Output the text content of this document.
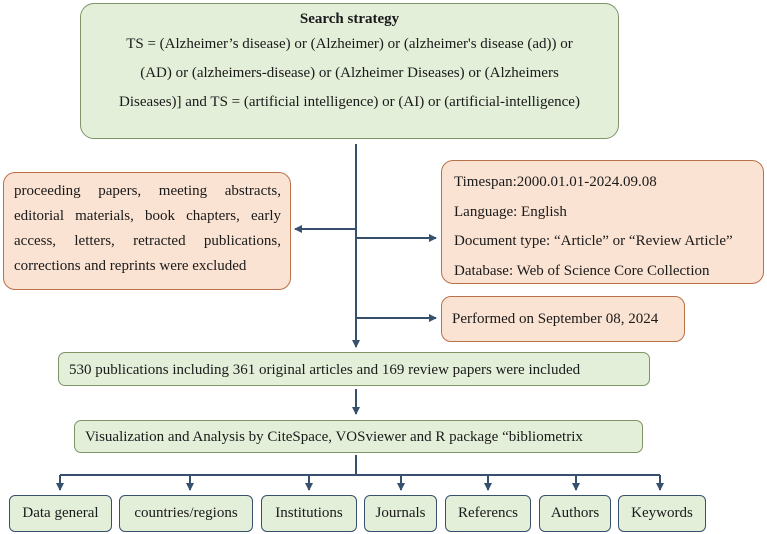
Search strategy
TS = (Alzheimer’s disease) or (Alzheimer) or (alzheimer's disease (ad)) or
(AD) or (alzheimers-disease) or (Alzheimer Diseases) or (Alzheimers
Diseases)] and TS = (artificial intelligence) or (AI) or (artificial-intelligence)
proceeding papers, meeting abstracts, editorial materials, book chapters, early access, letters, retracted publications, corrections and reprints were excluded
Timespan:2000.01.01-2024.09.08
Language: English
Document type: “Article” or “Review Article”
Database: Web of Science Core Collection
Performed on September 08, 2024
530 publications including 361 original articles and 169 review papers were included
Visualization and Analysis by CiteSpace, VOSviewer and R package “bibliometrix
Data general	countries/regions	Institutions	Journals	Referencs	Authors	Keywords
